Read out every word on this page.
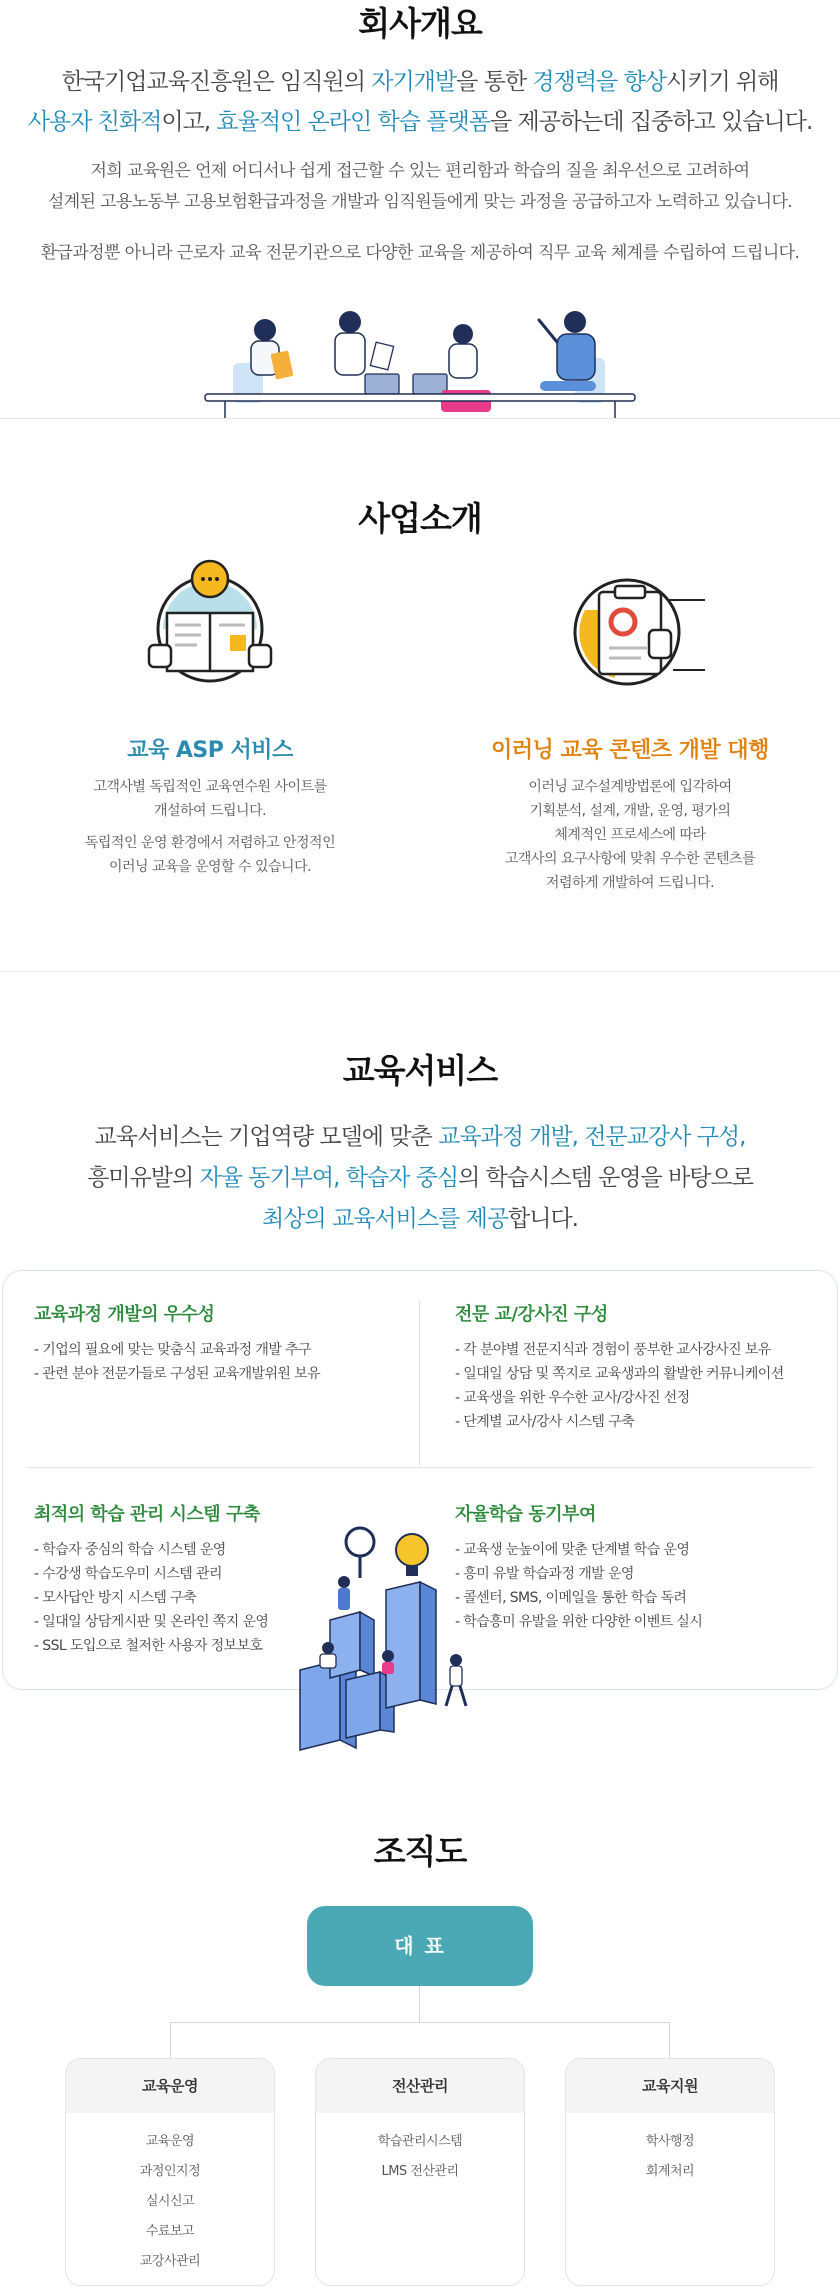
회사개요
한국기업교육진흥원은 임직원의 자기개발을 통한 경쟁력을 향상시키기 위해
사용자 친화적이고, 효율적인 온라인 학습 플랫폼을 제공하는데 집중하고 있습니다.
저희 교육원은 언제 어디서나 쉽게 접근할 수 있는 편리함과 학습의 질을 최우선으로 고려하여
설계된 고용노동부 고용보험환급과정을 개발과 임직원들에게 맞는 과정을 공급하고자 노력하고 있습니다.
환급과정뿐 아니라 근로자 교육 전문기관으로 다양한 교육을 제공하여 직무 교육 체계를 수립하여 드립니다.
사업소개
교육 ASP 서비스
고객사별 독립적인 교육연수원 사이트를
개설하여 드립니다.
독립적인 운영 환경에서 저렴하고 안정적인
이러닝 교육을 운영할 수 있습니다.
이러닝 교육 콘텐츠 개발 대행
이러닝 교수설계방법론에 입각하여
기획분석, 설계, 개발, 운영, 평가의
체계적인 프로세스에 따라
고객사의 요구사항에 맞춰 우수한 콘텐츠를
저렴하게 개발하여 드립니다.
교육서비스
교육서비스는 기업역량 모델에 맞춘 교육과정 개발, 전문교강사 구성,
흥미유발의 자율 동기부여, 학습자 중심의 학습시스템 운영을 바탕으로
최상의 교육서비스를 제공합니다.
교육과정 개발의 우수성
- 기업의 필요에 맞는 맞춤식 교육과정 개발 추구
- 관련 분야 전문가들로 구성된 교육개발위원 보유
전문 교/강사진 구성
- 각 분야별 전문지식과 경험이 풍부한 교사강사진 보유
- 일대일 상담 및 쪽지로 교육생과의 활발한 커뮤니케이션
- 교육생을 위한 우수한 교사/강사진 선정
- 단계별 교사/강사 시스템 구축
최적의 학습 관리 시스템 구축
- 학습자 중심의 학습 시스템 운영
- 수강생 학습도우미 시스템 관리
- 모사답안 방지 시스템 구축
- 일대일 상담게시판 및 온라인 쪽지 운영
- SSL 도입으로 철저한 사용자 정보보호
자율학습 동기부여
- 교육생 눈높이에 맞춘 단계별 학습 운영
- 흥미 유발 학습과정 개발 운영
- 콜센터, SMS, 이메일을 통한 학습 독려
- 학습흥미 유발을 위한 다양한 이벤트 실시
조직도
대 표
교육운영
교육운영
과정인지정
실시신고
수료보고
교강사관리
전산관리
학습관리시스템
LMS 전산관리
교육지원
학사행정
회계처리
